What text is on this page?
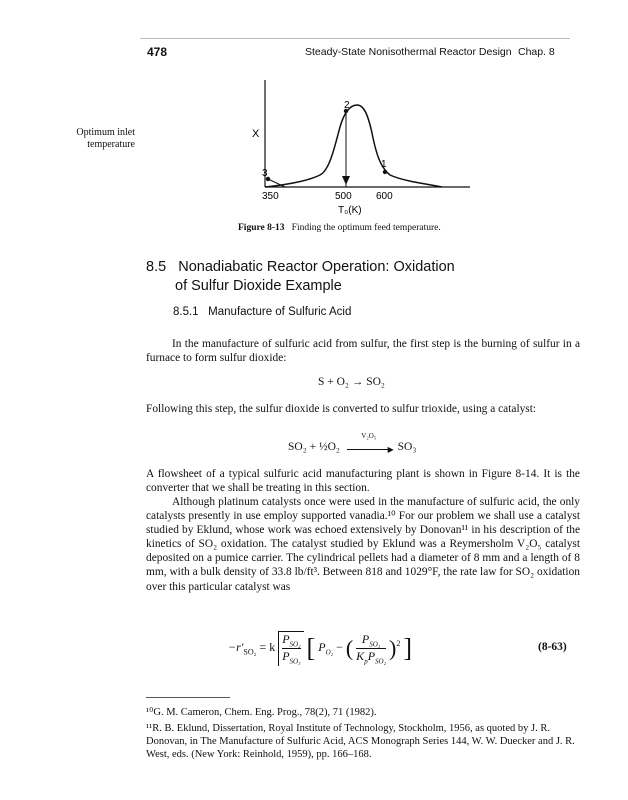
478	Steady-State Nonisothermal Reactor Design Chap. 8
Optimum inlet temperature
X
2
1
3
350	500 600
T₀(K)
Figure 8-13 Finding the optimum feed temperature.
8.5 Nonadiabatic Reactor Operation: Oxidation
of Sulfur Dioxide Example
8.5.1 Manufacture of Sulfuric Acid

In the manufacture of sulfuric acid from sulfur, the first step is the burning of sulfur in a furnace to form sulfur dioxide:

S + O₂ → SO₂

Following this step, the sulfur dioxide is converted to sulfur trioxide, using a catalyst:

SO₂ + ½O₂
V₂O₅
▶ SO₃

A flowsheet of a typical sulfuric acid manufacturing plant is shown in Figure 8-14. It is the converter that we shall be treating in this section.

Although platinum catalysts once were used in the manufacture of sulfuric acid, the only catalysts presently in use employ supported vanadia.¹⁰ For our problem we shall use a catalyst studied by Eklund, whose work was echoed extensively by Donovan¹¹ in his description of the kinetics of SO₂ oxidation. The catalyst studied by Eklund was a Reymersholm V₂O₅ catalyst deposited on a pumice carrier. The cylindrical pellets had a diameter of 8 mm and a length of 8 mm, with a bulk density of 33.8 lb/ft³. Between 818 and 1029°F, the rate law for SO₂ oxidation over this particular catalyst was

$-r'_{SO_2} = k$
$P_{SO_2}$
$P_{SO_3}$ [ $P_{O_2}$ − ( $P_{SO_3}$
$K_pP_{SO_2}$
)$^2$ ]	(8-63)

¹⁰G. M. Cameron, Chem. Eng. Prog., 78(2), 71 (1982).

¹¹R. B. Eklund, Dissertation, Royal Institute of Technology, Stockholm, 1956, as quoted by J. R. Donovan, in The Manufacture of Sulfuric Acid, ACS Monograph Series 144, W. W. Duecker and J. R. West, eds. (New York: Reinhold, 1959), pp. 166–168.
